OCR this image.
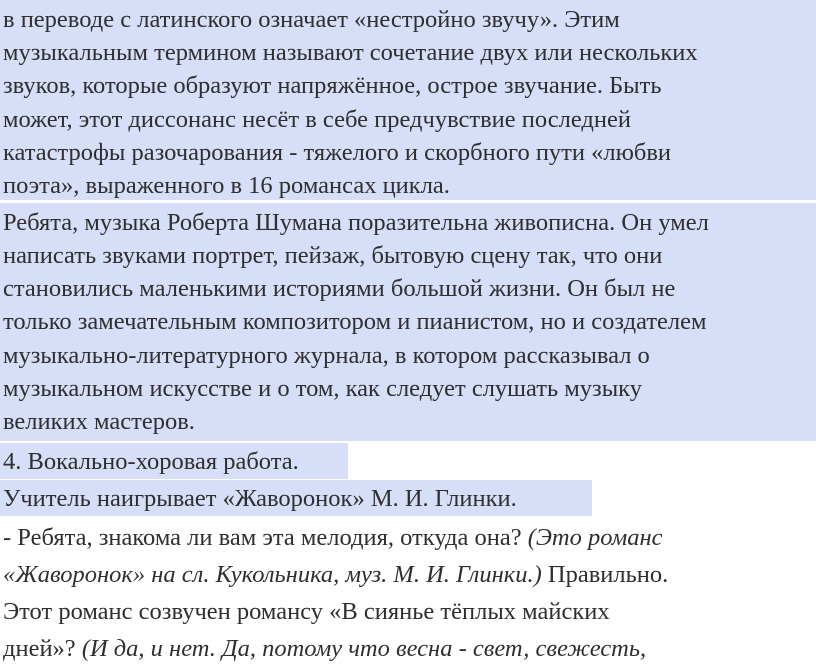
в переводе с латинского означает «нестройно звучу». Этим
музыкальным термином называют сочетание двух или нескольких
звуков, которые образуют напряжённое, острое звучание. Быть
может, этот диссонанс несёт в себе предчувствие последней
катастрофы разочарования - тяжелого и скорбного пути «любви
поэта», выраженного в 16 романсах цикла.
Ребята, музыка Роберта Шумана поразительна живописна. Он умел
написать звуками портрет, пейзаж, бытовую сцену так, что они
становились маленькими историями большой жизни. Он был не
только замечательным композитором и пианистом, но и создателем
музыкально-литературного журнала, в котором рассказывал о
музыкальном искусстве и о том, как следует слушать музыку
великих мастеров.
4. Вокально-хоровая работа.
Учитель наигрывает «Жаворонок» М. И. Глинки.
- Ребята, знакома ли вам эта мелодия, откуда она? (Это романс
«Жаворонок» на сл. Кукольника, муз. М. И. Глинки.) Правильно.
Этот романс созвучен романсу «В сиянье тёплых майских
дней»? (И да, и нет. Да, потому что весна - свет, свежесть,
